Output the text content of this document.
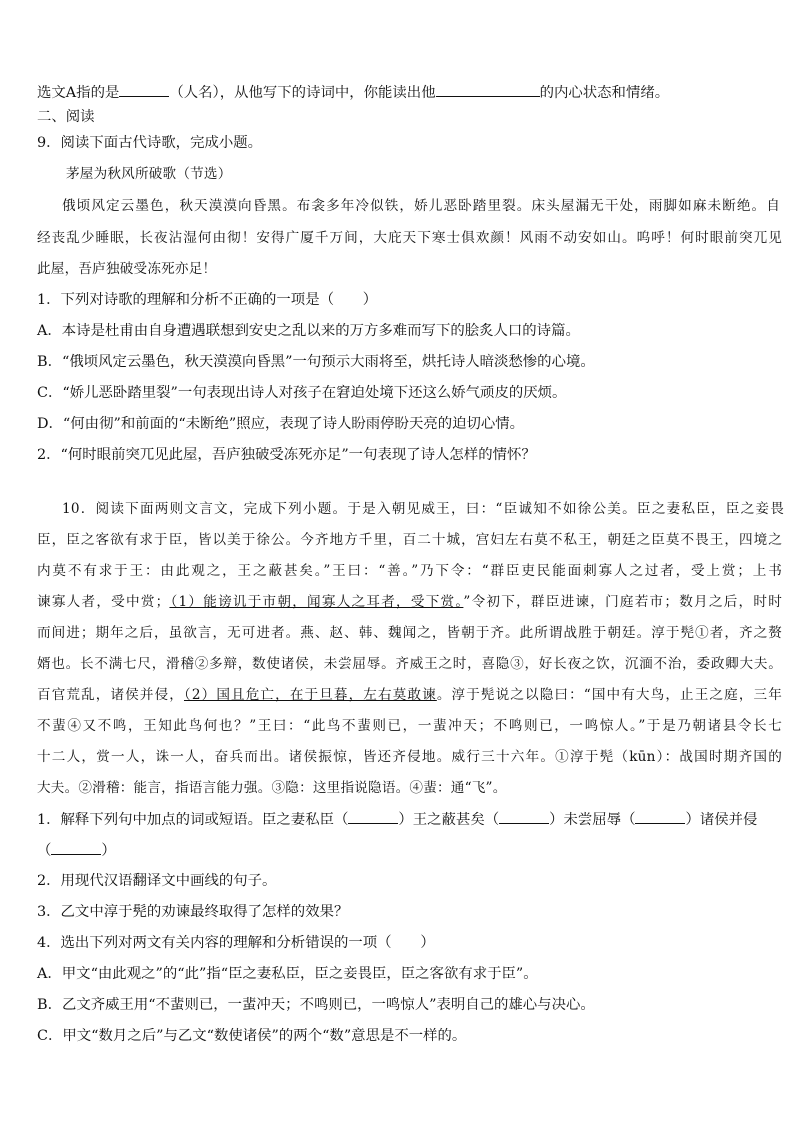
选文A指的是	（人名），从他写下的诗词中，你能读出他	的内心状态和情绪。
二、阅读
9．阅读下面古代诗歌，完成小题。
茅屋为秋风所破歌（节选）
俄顷风定云墨色，秋天漠漠向昏黑。布衾多年冷似铁，娇儿恶卧踏里裂。床头屋漏无干处，雨脚如麻未断绝。自
经丧乱少睡眠，长夜沾湿何由彻！安得广厦千万间，大庇天下寒士俱欢颜！风雨不动安如山。呜呼！何时眼前突兀见
此屋，吾庐独破受冻死亦足！
1．下列对诗歌的理解和分析不正确的一项是（　　）
A．本诗是杜甫由自身遭遇联想到安史之乱以来的万方多难而写下的脍炙人口的诗篇。
B．“俄顷风定云墨色，秋天漠漠向昏黑”一句预示大雨将至，烘托诗人暗淡愁惨的心境。
C．“娇儿恶卧踏里裂”一句表现出诗人对孩子在窘迫处境下还这么娇气顽皮的厌烦。
D．“何由彻”和前面的“未断绝”照应，表现了诗人盼雨停盼天亮的迫切心情。
2．“何时眼前突兀见此屋，吾庐独破受冻死亦足”一句表现了诗人怎样的情怀？
10．阅读下面两则文言文，完成下列小题。于是入朝见威王，曰：“臣诚知不如徐公美。臣之妻私臣，臣之妾畏
臣，臣之客欲有求于臣，皆以美于徐公。今齐地方千里，百二十城，宫妇左右莫不私王，朝廷之臣莫不畏王，四境之
内莫不有求于王：由此观之，王之蔽甚矣。”王曰：“善。”乃下令：“群臣吏民能面刺寡人之过者，受上赏；上书
谏寡人者，受中赏；（1）能谤讥于市朝，闻寡人之耳者，受下赏。”令初下，群臣进谏，门庭若市；数月之后，时时
而间进；期年之后，虽欲言，无可进者。燕、赵、韩、魏闻之，皆朝于齐。此所谓战胜于朝廷。淳于髡①者，齐之赘
婿也。长不满七尺，滑稽②多辩，数使诸侯，未尝屈辱。齐威王之时，喜隐③，好长夜之饮，沉湎不治，委政卿大夫。
百官荒乱，诸侯并侵，（2）国且危亡，在于旦暮，左右莫敢谏。淳于髡说之以隐曰：“国中有大鸟，止王之庭，三年
不蜚④又不鸣，王知此鸟何也？”王曰：“此鸟不蜚则已，一蜚冲天；不鸣则已，一鸣惊人。”于是乃朝诸县令长七
十二人，赏一人，诛一人，奋兵而出。诸侯振惊，皆还齐侵地。威行三十六年。①淳于髡（kūn）：战国时期齐国的
大夫。②滑稽：能言，指语言能力强。③隐：这里指说隐语。④蜚：通“飞”。
1．解释下列句中加点的词或短语。臣之妻私臣（	）王之蔽甚矣（	）未尝屈辱（	）诸侯并侵
（	）
2．用现代汉语翻译文中画线的句子。
3．乙文中淳于髡的劝谏最终取得了怎样的效果？
4．选出下列对两文有关内容的理解和分析错误的一项（　　）
A．甲文“由此观之”的“此”指“臣之妻私臣，臣之妾畏臣，臣之客欲有求于臣”。
B．乙文齐威王用“不蜚则已，一蜚冲天；不鸣则已，一鸣惊人”表明自己的雄心与决心。
C．甲文“数月之后”与乙文“数使诸侯”的两个“数”意思是不一样的。
